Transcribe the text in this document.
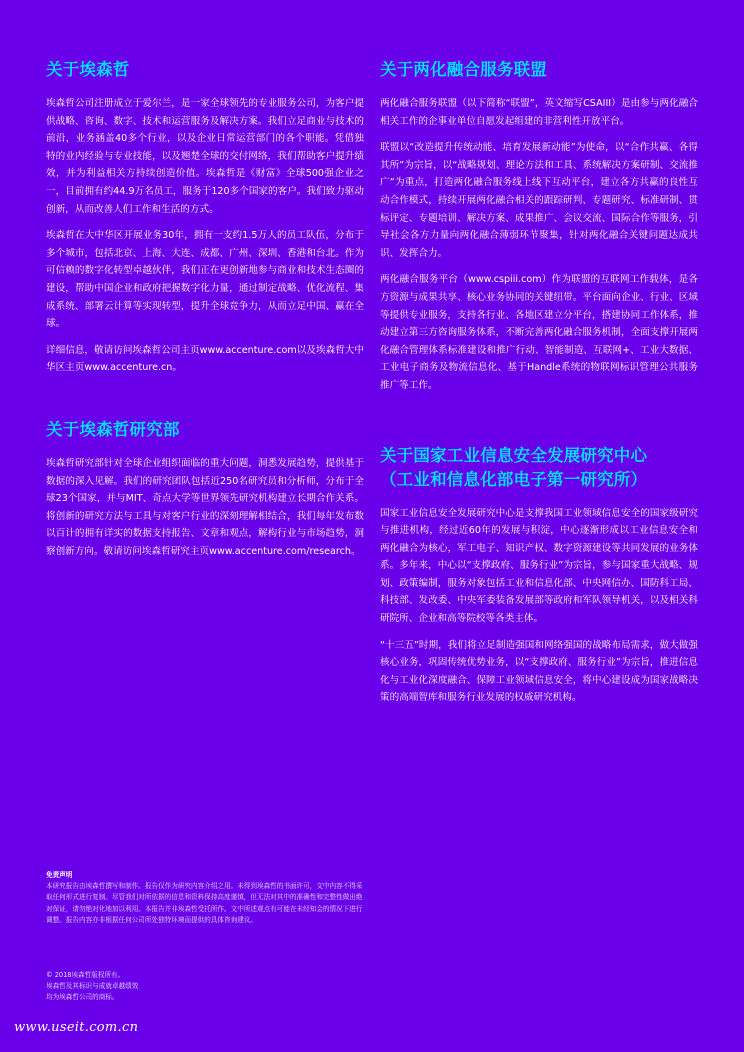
关于埃森哲
埃森哲公司注册成立于爱尔兰，是一家全球领先的专业服务公司，为客户提供战略、咨询、数字、技术和运营服务及解决方案。我们立足商业与技术的前沿，业务涵盖40多个行业，以及企业日常运营部门的各个职能。凭借独特的业内经验与专业技能，以及翘楚全球的交付网络，我们帮助客户提升绩效，并为利益相关方持续创造价值。埃森哲是《财富》全球500强企业之一，目前拥有约44.9万名员工，服务于120多个国家的客户。我们致力驱动创新，从而改善人们工作和生活的方式。
埃森哲在大中华区开展业务30年，拥有一支约1.5万人的员工队伍，分布于多个城市，包括北京、上海、大连、成都、广州、深圳、香港和台北。作为可信赖的数字化转型卓越伙伴，我们正在更创新地参与商业和技术生态圈的建设，帮助中国企业和政府把握数字化力量，通过制定战略、优化流程、集成系统、部署云计算等实现转型，提升全球竞争力，从而立足中国、赢在全球。
详细信息，敬请访问埃森哲公司主页www.accenture.com以及埃森哲大中华区主页www.accenture.cn。
关于埃森哲研究部
埃森哲研究部针对全球企业组织面临的重大问题，洞悉发展趋势，提供基于数据的深入见解。我们的研究团队包括近250名研究员和分析师，分布于全球23个国家，并与MIT、奇点大学等世界领先研究机构建立长期合作关系。将创新的研究方法与工具与对客户行业的深刻理解相结合，我们每年发布数以百计的拥有详实的数据支持报告、文章和观点，解构行业与市场趋势，洞察创新方向。敬请访问埃森哲研究主页www.accenture.com/research。
关于两化融合服务联盟
两化融合服务联盟（以下简称“联盟”，英文缩写CSAIII）是由参与两化融合相关工作的企事业单位自愿发起组建的非营利性开放平台。
联盟以“改造提升传统动能、培育发展新动能”为使命，以“合作共赢、各得其所”为宗旨，以“战略规划、理论方法和工具、系统解决方案研制、交流推广”为重点，打造两化融合服务线上线下互动平台，建立各方共赢的良性互动合作模式，持续开展两化融合相关的跟踪研判、专题研究、标准研制、贯标评定、专题培训、解决方案、成果推广、会议交流、国际合作等服务，引导社会各方力量向两化融合薄弱环节聚集，针对两化融合关键问题达成共识、发挥合力。
两化融合服务平台（www.cspiii.com）作为联盟的互联网工作载体，是各方资源与成果共享、核心业务协同的关键纽带。平台面向企业、行业、区域等提供专业服务，支持各行业、各地区建立分平台，搭建协同工作体系，推动建立第三方咨询服务体系，不断完善两化融合服务机制，全面支撑开展两化融合管理体系标准建设和推广行动、智能制造、互联网+、工业大数据、工业电子商务及物流信息化、基于Handle系统的物联网标识管理公共服务推广等工作。
关于国家工业信息安全发展研究中心
（工业和信息化部电子第一研究所）
国家工业信息安全发展研究中心是支撑我国工业领域信息安全的国家级研究与推进机构，经过近60年的发展与积淀，中心逐渐形成以工业信息安全和两化融合为核心，军工电子、知识产权、数字资源建设等共同发展的业务体系。多年来，中心以“支撑政府、服务行业”为宗旨，参与国家重大战略、规划、政策编制，服务对象包括工业和信息化部、中央网信办、国防科工局、科技部、发改委、中央军委装备发展部等政府和军队领导机关，以及相关科研院所、企业和高等院校等各类主体。
“十三五”时期，我们将立足制造强国和网络强国的战略布局需求，做大做强核心业务，巩固传统优势业务，以“支撑政府、服务行业”为宗旨，推进信息化与工业化深度融合、保障工业领域信息安全，将中心建设成为国家战略决策的高端智库和服务行业发展的权威研究机构。
免责声明
本研究报告由埃森哲撰写和制作。报告仅作为研究内容介绍之用。未得到埃森哲的书面许可，文中内容不得采取任何形式进行复制。尽管我们对所依据的信息和资料保持高度谨慎，但无法对其中的准确性和完整性做出绝对保证，请勿绝对化地加以利用。本报告并非埃森哲受托所作。文中所述观点有可能在未经知会的情况下进行调整。报告内容亦非根据任何公司所处独特环境而提供的具体咨询建议。
© 2018埃森哲版权所有。
埃森哲及其标识与成就卓越绩效
均为埃森哲公司的商标。
www.useit.com.cn
